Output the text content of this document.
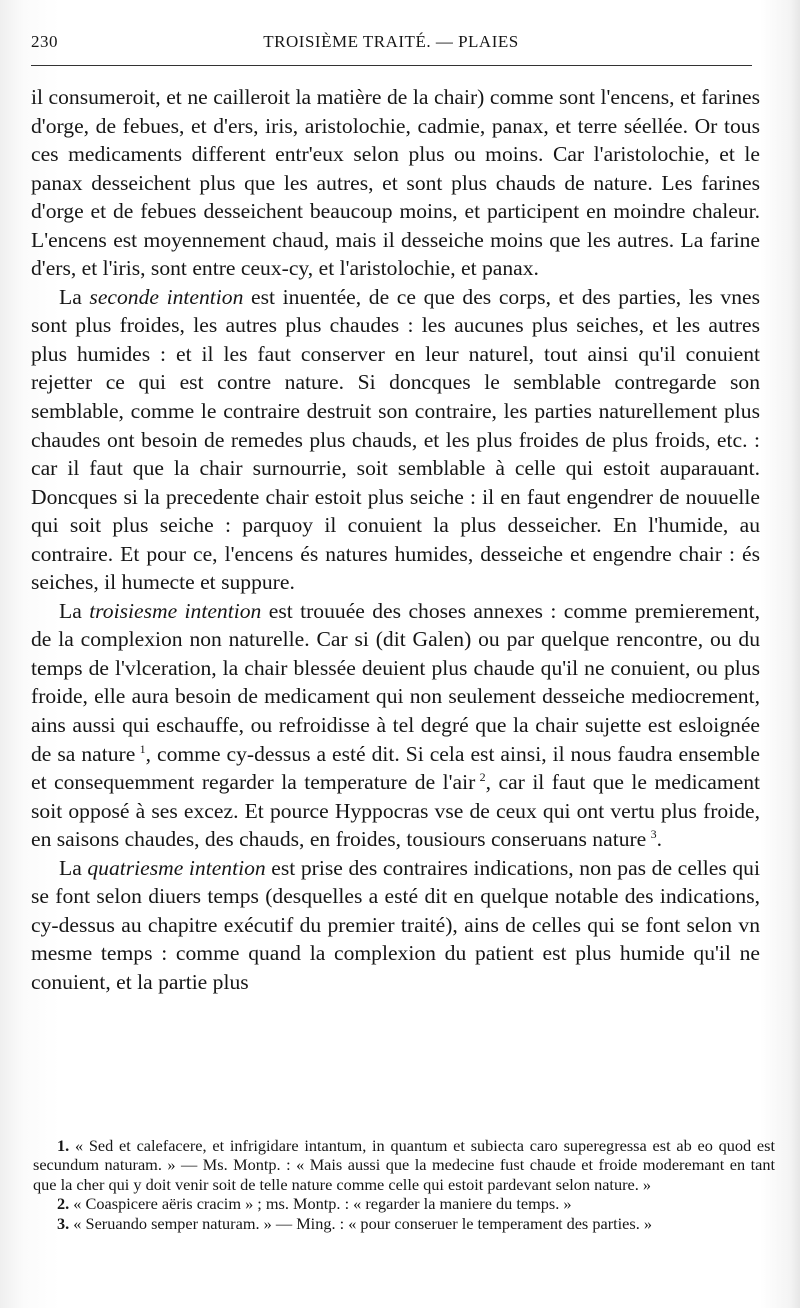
230	TROISIÈME TRAITÉ. — PLAIES

il consumeroit, et ne cailleroit la matière de la chair) comme sont l'encens, et farines d'orge, de febues, et d'ers, iris, aristolochie, cadmie, panax, et terre séellée. Or tous ces medicaments different entr'eux selon plus ou moins. Car l'aristolochie, et le panax desseichent plus que les autres, et sont plus chauds de nature. Les farines d'orge et de febues desseichent beaucoup moins, et participent en moindre chaleur. L'encens est moyennement chaud, mais il desseiche moins que les autres. La farine d'ers, et l'iris, sont entre ceux-cy, et l'aristolochie, et panax.

La seconde intention est inuentée, de ce que des corps, et des parties, les vnes sont plus froides, les autres plus chaudes : les aucunes plus seiches, et les autres plus humides : et il les faut conserver en leur naturel, tout ainsi qu'il conuient rejetter ce qui est contre nature. Si doncques le semblable contregarde son semblable, comme le contraire destruit son contraire, les parties naturellement plus chaudes ont besoin de remedes plus chauds, et les plus froides de plus froids, etc. : car il faut que la chair surnourrie, soit semblable à celle qui estoit auparauant. Doncques si la precedente chair estoit plus seiche : il en faut engendrer de nouuelle qui soit plus seiche : parquoy il conuient la plus desseicher. En l'humide, au contraire. Et pour ce, l'encens és natures humides, desseiche et engendre chair : és seiches, il humecte et suppure.

La troisiesme intention est trouuée des choses annexes : comme premierement, de la complexion non naturelle. Car si (dit Galen) ou par quelque rencontre, ou du temps de l'vlceration, la chair blessée deuient plus chaude qu'il ne conuient, ou plus froide, elle aura besoin de medicament qui non seulement desseiche mediocrement, ains aussi qui eschauffe, ou refroidisse à tel degré que la chair sujette est esloignée de sa nature  $^1$, comme cy-dessus a esté dit. Si cela est ainsi, il nous faudra ensemble et consequemment regarder la temperature de l'air  $^2$, car il faut que le medicament soit opposé à ses excez. Et pource Hyppocras vse de ceux qui ont vertu plus froide, en saisons chaudes, des chauds, en froides, tousiours conseruans nature  $^3$.

La quatriesme intention est prise des contraires indications, non pas de celles qui se font selon diuers temps (desquelles a esté dit en quelque notable des indications, cy-dessus au chapitre exécutif du premier traité), ains de celles qui se font selon vn mesme temps : comme quand la complexion du patient est plus humide qu'il ne conuient, et la partie plus

1. « Sed et calefacere, et infrigidare intantum, in quantum et subiecta caro superegressa est ab eo quod est secundum naturam. » — Ms. Montp. : « Mais aussi que la medecine fust chaude et froide moderemant en tant que la cher qui y doit venir soit de telle nature comme celle qui estoit pardevant selon nature. »

2. « Coaspicere aëris cracim » ; ms. Montp. : « regarder la maniere du temps. »

3. « Seruando semper naturam. » — Ming. : « pour conseruer le temperament des parties. »
